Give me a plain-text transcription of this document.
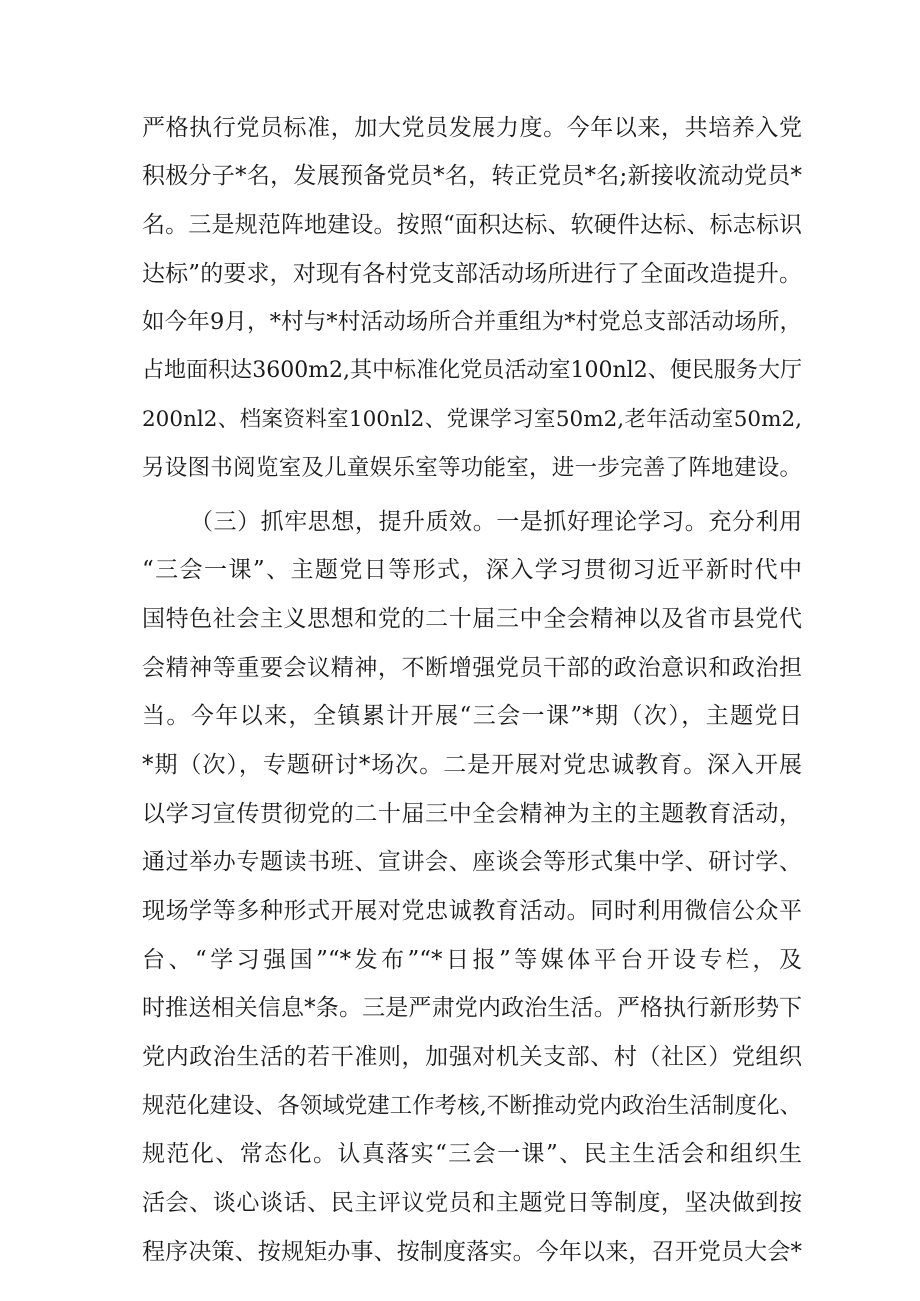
严格执行党员标准，加大党员发展力度。今年以来，共培养入党
积极分子*名，发展预备党员*名，转正党员*名;新接收流动党员*
名。三是规范阵地建设。按照“面积达标、软硬件达标、标志标识
达标”的要求，对现有各村党支部活动场所进行了全面改造提升。
如今年9月，*村与*村活动场所合并重组为*村党总支部活动场所，
占地面积达3600m2,其中标准化党员活动室100nl2、便民服务大厅
200nl2、档案资料室100nl2、党课学习室50m2,老年活动室50m2,
另设图书阅览室及儿童娱乐室等功能室，进一步完善了阵地建设。
（三）抓牢思想，提升质效。一是抓好理论学习。充分利用
“三会一课”、主题党日等形式，深入学习贯彻习近平新时代中
国特色社会主义思想和党的二十届三中全会精神以及省市县党代
会精神等重要会议精神，不断增强党员干部的政治意识和政治担
当。今年以来，全镇累计开展“三会一课”*期（次），主题党日
*期（次），专题研讨*场次。二是开展对党忠诚教育。深入开展
以学习宣传贯彻党的二十届三中全会精神为主的主题教育活动，
通过举办专题读书班、宣讲会、座谈会等形式集中学、研讨学、
现场学等多种形式开展对党忠诚教育活动。同时利用微信公众平
台、“学习强国”“*发布”“*日报”等媒体平台开设专栏，及
时推送相关信息*条。三是严肃党内政治生活。严格执行新形势下
党内政治生活的若干准则，加强对机关支部、村（社区）党组织
规范化建设、各领域党建工作考核,不断推动党内政治生活制度化、
规范化、常态化。认真落实“三会一课”、民主生活会和组织生
活会、谈心谈话、民主评议党员和主题党日等制度，坚决做到按
程序决策、按规矩办事、按制度落实。今年以来，召开党员大会*
